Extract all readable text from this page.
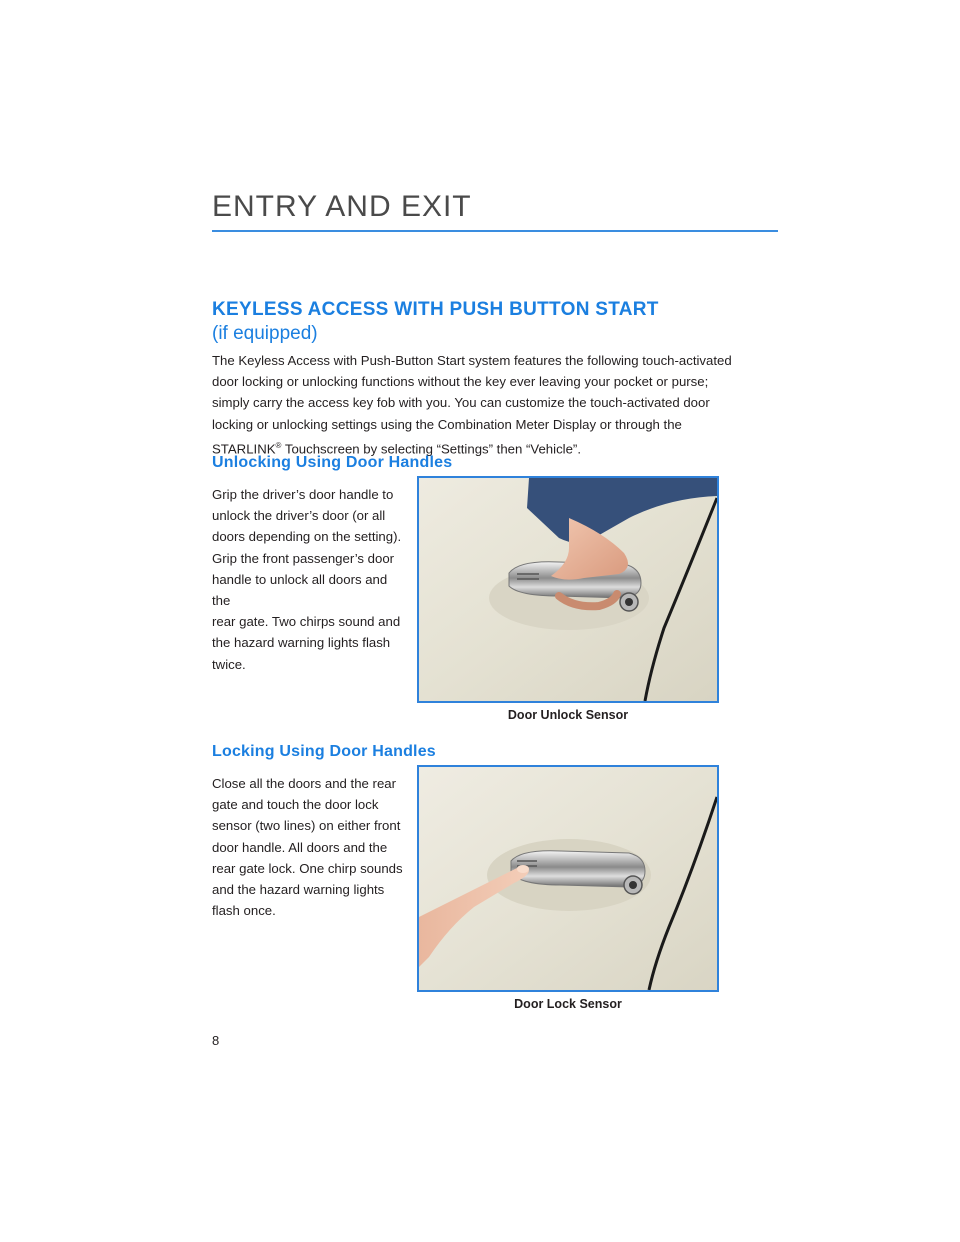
ENTRY AND EXIT
KEYLESS ACCESS WITH PUSH BUTTON START

(if equipped)

The Keyless Access with Push-Button Start system features the following touch-activated
door locking or unlocking functions without the key ever leaving your pocket or purse;
simply carry the access key fob with you. You can customize the touch-activated door
locking or unlocking settings using the Combination Meter Display or through the
STARLINK® Touchscreen by selecting “Settings” then “Vehicle”.

Unlocking Using Door Handles

Grip the driver’s door handle to
unlock the driver’s door (or all
doors depending on the setting).
Grip the front passenger’s door
handle to unlock all doors and the
rear gate. Two chirps sound and
the hazard warning lights flash
twice.

Door Unlock Sensor

Locking Using Door Handles

Close all the doors and the rear
gate and touch the door lock
sensor (two lines) on either front
door handle. All doors and the
rear gate lock. One chirp sounds
and the hazard warning lights
flash once.

Door Lock Sensor

8
